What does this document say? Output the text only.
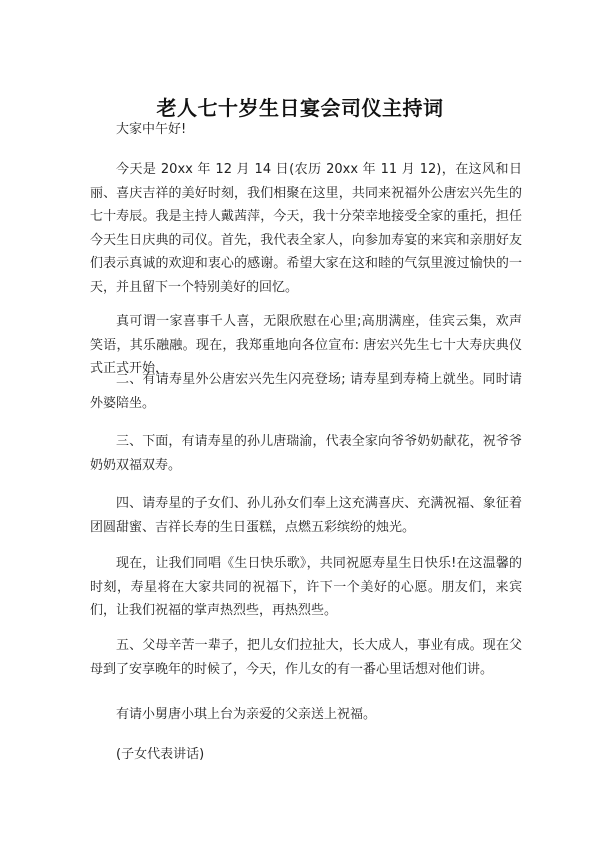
老人七十岁生日宴会司仪主持词

大家中午好!

今天是 20xx 年 12 月 14 日(农历 20xx 年 11 月 12)，在这风和日丽、喜庆吉祥的美好时刻，我们相聚在这里，共同来祝福外公唐宏兴先生的七十寿辰。我是主持人戴茜萍，今天，我十分荣幸地接受全家的重托，担任今天生日庆典的司仪。首先，我代表全家人，向参加寿宴的来宾和亲朋好友们表示真诚的欢迎和衷心的感谢。希望大家在这和睦的气氛里渡过愉快的一天，并且留下一个特别美好的回忆。

真可谓一家喜事千人喜，无限欣慰在心里;高朋满座，佳宾云集，欢声笑语，其乐融融。现在，我郑重地向各位宣布: 唐宏兴先生七十大寿庆典仪式正式开始，

二、有请寿星外公唐宏兴先生闪亮登场; 请寿星到寿椅上就坐。同时请外婆陪坐。

三、下面，有请寿星的孙儿唐瑞渝，代表全家向爷爷奶奶献花，祝爷爷奶奶双福双寿。

四、请寿星的子女们、孙儿孙女们奉上这充满喜庆、充满祝福、象征着团圆甜蜜、吉祥长寿的生日蛋糕，点燃五彩缤纷的烛光。

现在，让我们同唱《生日快乐歌》，共同祝愿寿星生日快乐!在这温馨的时刻，寿星将在大家共同的祝福下，许下一个美好的心愿。朋友们，来宾们，让我们祝福的掌声热烈些，再热烈些。

五、父母辛苦一辈子，把儿女们拉扯大，长大成人，事业有成。现在父母到了安享晚年的时候了，今天，作儿女的有一番心里话想对他们讲。

有请小舅唐小琪上台为亲爱的父亲送上祝福。

(子女代表讲话)
